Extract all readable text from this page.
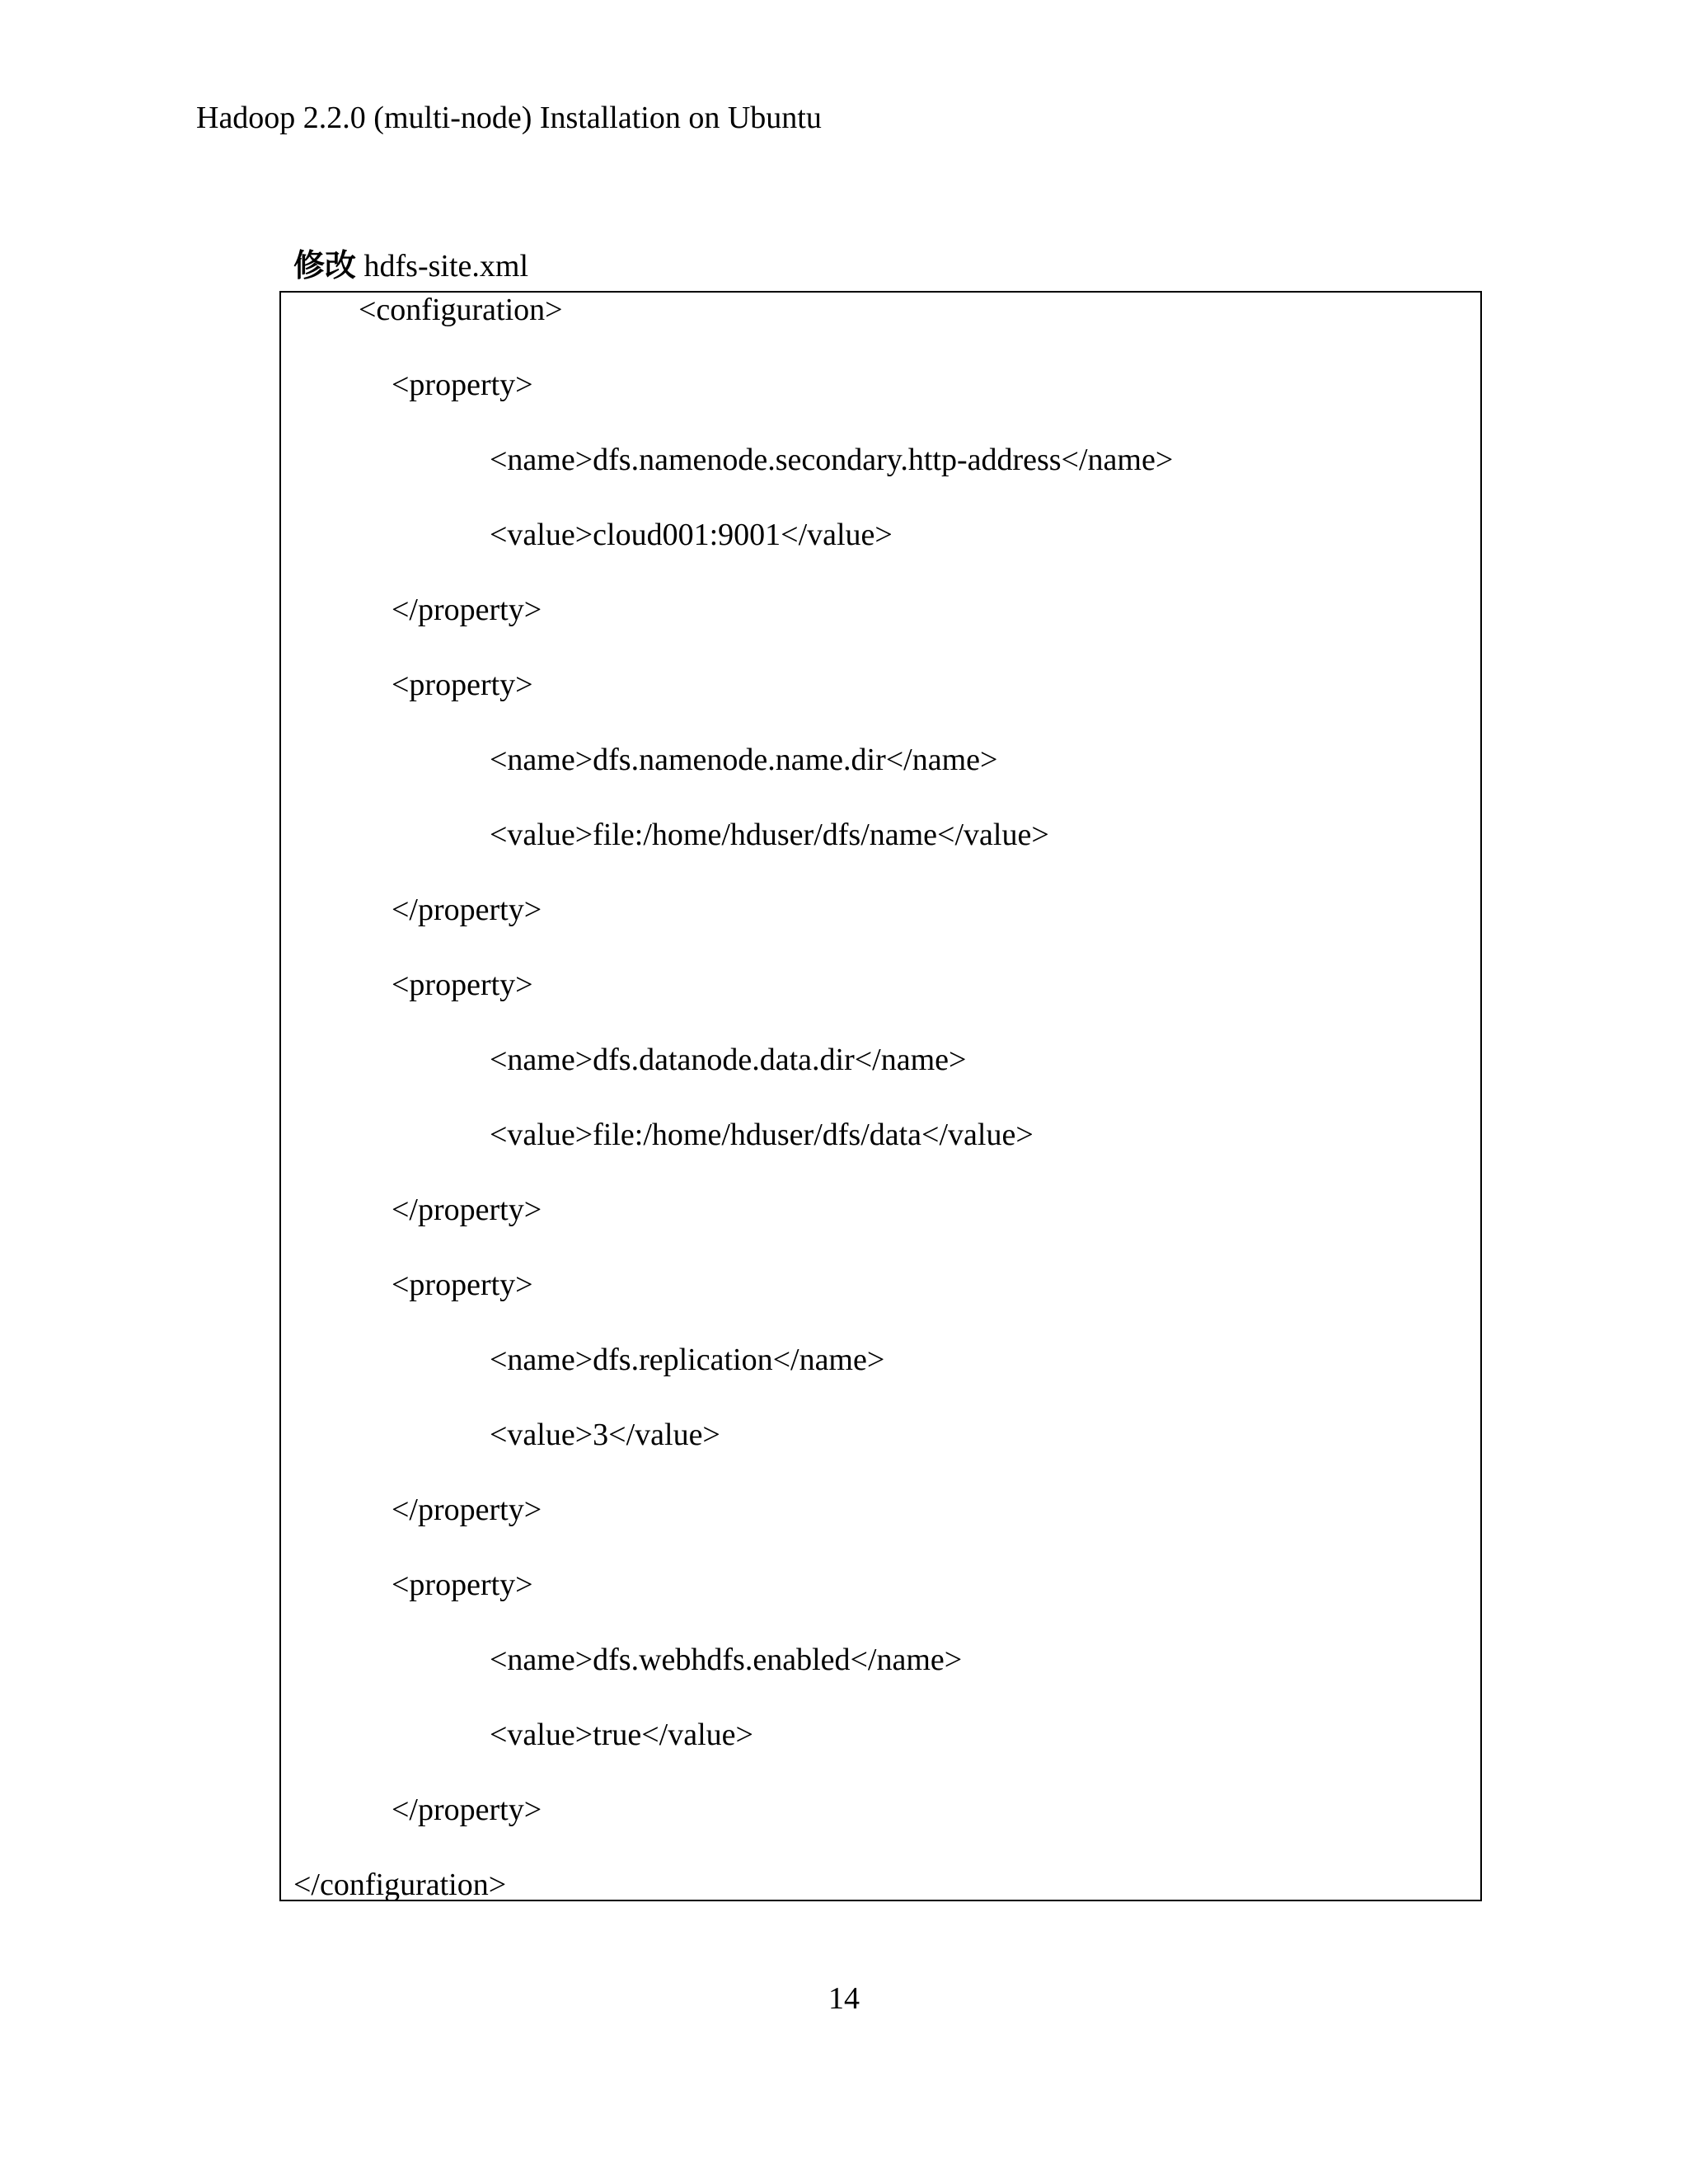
Hadoop 2.2.0 (multi-node) Installation on Ubuntu
修改 hdfs-site.xml
<configuration>
<property>
<name>dfs.namenode.secondary.http-address</name>
<value>cloud001:9001</value>
</property>
<property>
<name>dfs.namenode.name.dir</name>
<value>file:/home/hduser/dfs/name</value>
</property>
<property>
<name>dfs.datanode.data.dir</name>
<value>file:/home/hduser/dfs/data</value>
</property>
<property>
<name>dfs.replication</name>
<value>3</value>
</property>
<property>
<name>dfs.webhdfs.enabled</name>
<value>true</value>
</property>
</configuration>
14
